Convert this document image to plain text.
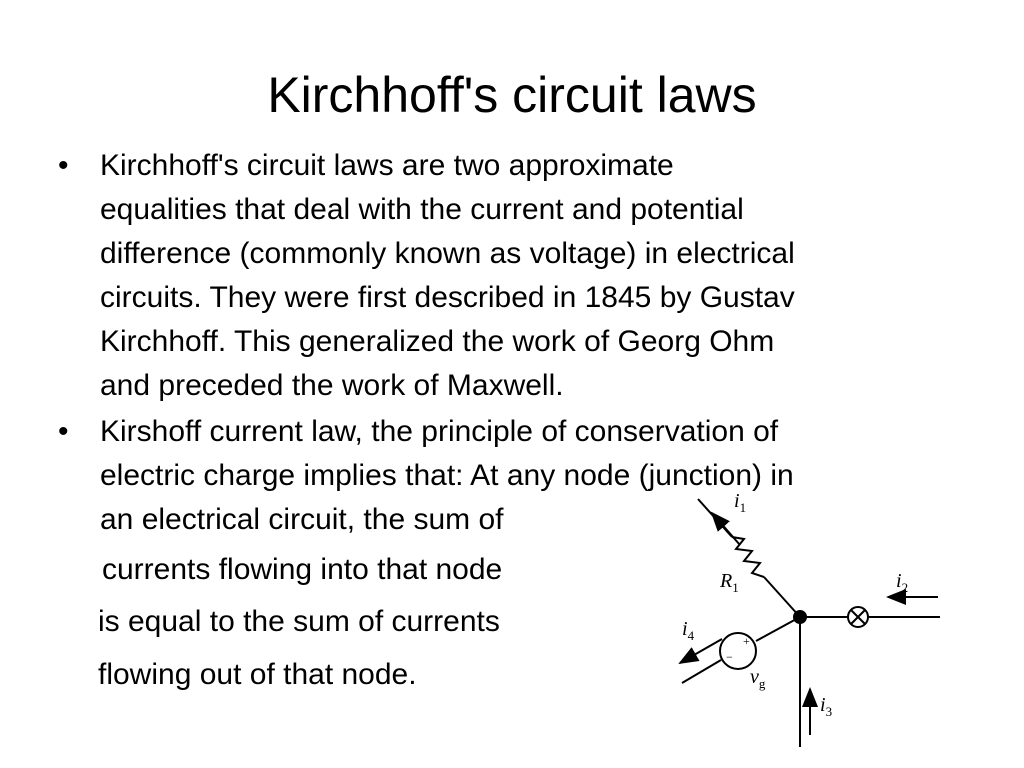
Kirchhoff's circuit laws
• Kirchhoff's circuit laws are two approximate
equalities that deal with the current and potential
difference (commonly known as voltage) in electrical
circuits. They were first described in 1845 by Gustav
Kirchhoff. This generalized the work of Georg Ohm
and preceded the work of Maxwell.
• Kirshoff current law, the principle of conservation of
electric charge implies that: At any node (junction) in
an electrical circuit, the sum of
currents flowing into that node
is equal to the sum of currents
flowing out of that node.
$i_1$
$R_1$	$i_2$
$i_3$
+
−
$i_4$
$v_g$
